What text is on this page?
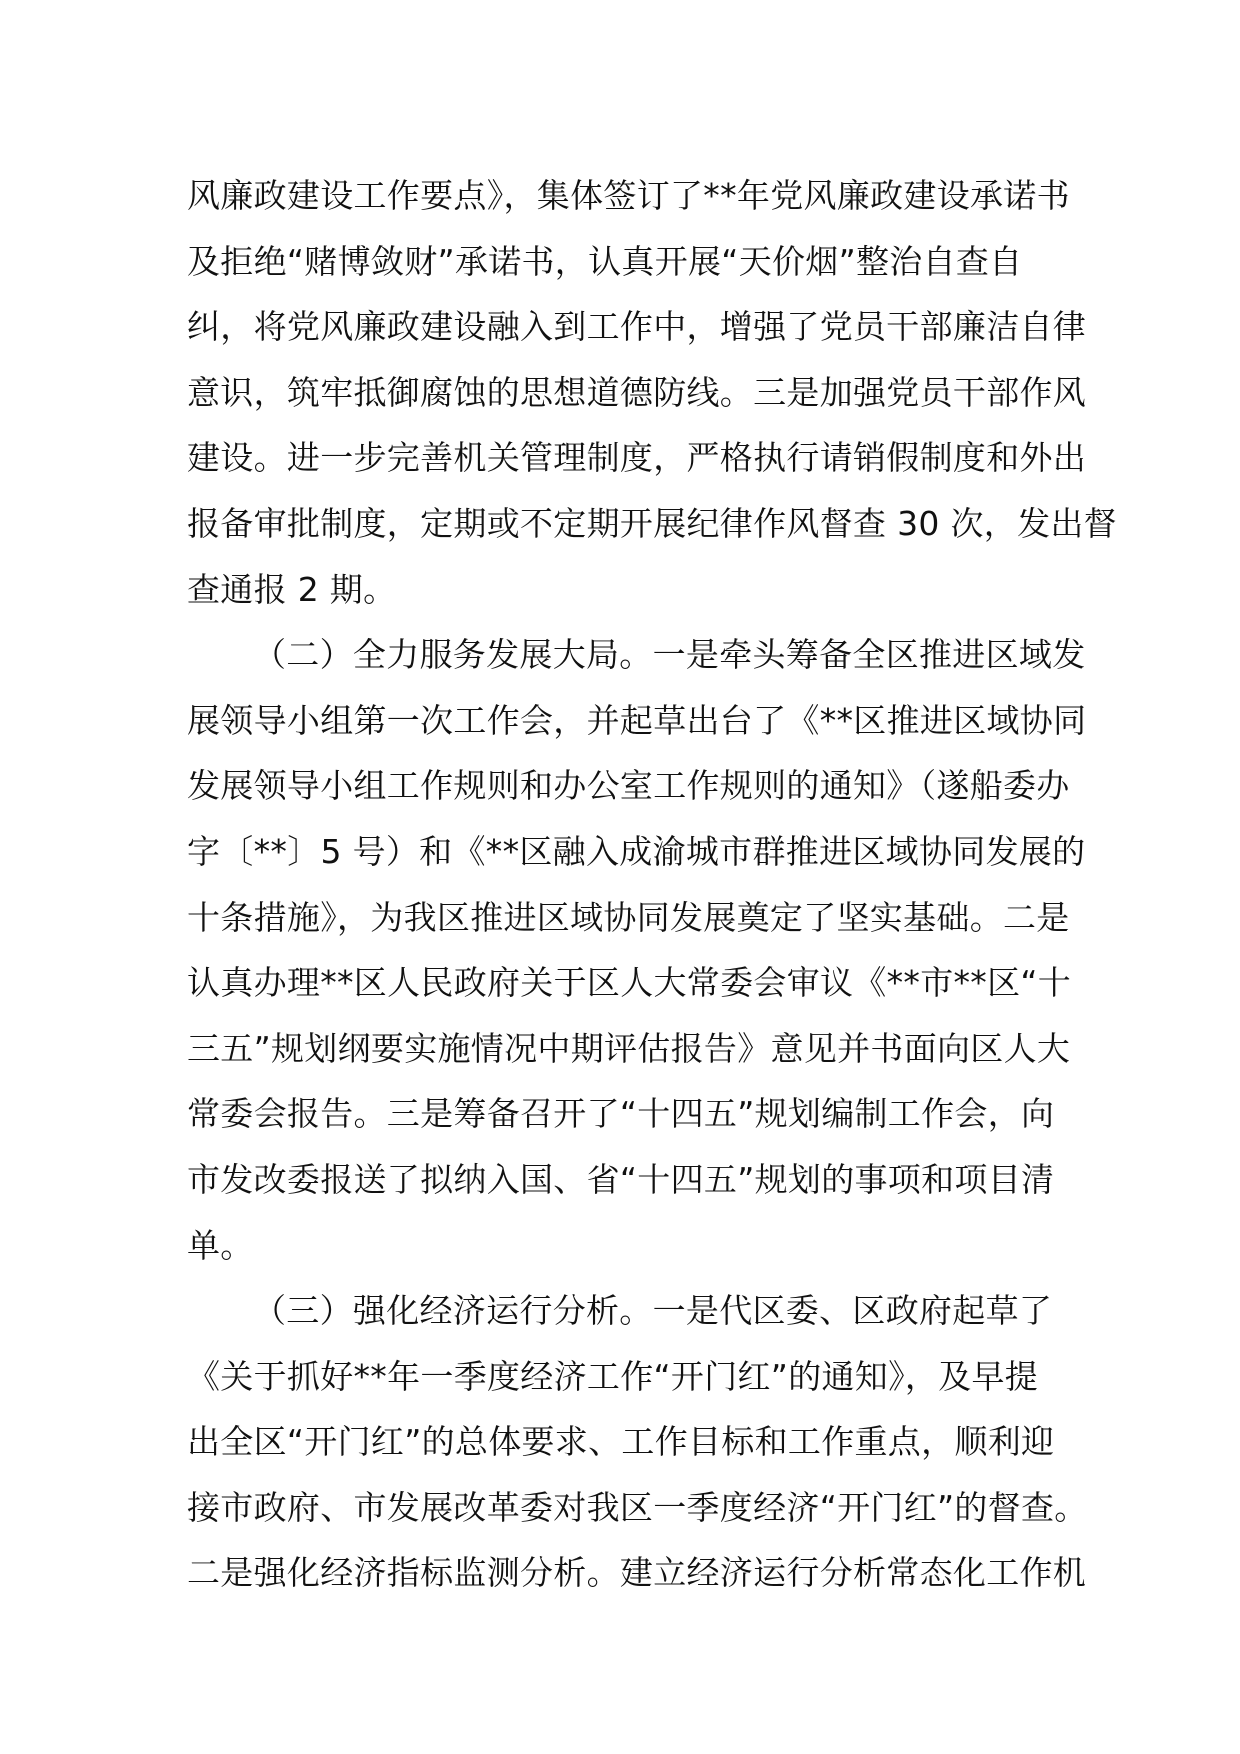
风廉政建设工作要点》，集体签订了**年党风廉政建设承诺书
及拒绝“赌博敛财”承诺书，认真开展“天价烟”整治自查自
纠，将党风廉政建设融入到工作中，增强了党员干部廉洁自律
意识，筑牢抵御腐蚀的思想道德防线。三是加强党员干部作风
建设。进一步完善机关管理制度，严格执行请销假制度和外出
报备审批制度，定期或不定期开展纪律作风督查 30 次，发出督
查通报 2 期。
（二）全力服务发展大局。一是牵头筹备全区推进区域发
展领导小组第一次工作会，并起草出台了《**区推进区域协同
发展领导小组工作规则和办公室工作规则的通知》（遂船委办
字〔**〕5 号）和《**区融入成渝城市群推进区域协同发展的
十条措施》，为我区推进区域协同发展奠定了坚实基础。二是
认真办理**区人民政府关于区人大常委会审议《**市**区“十
三五”规划纲要实施情况中期评估报告》意见并书面向区人大
常委会报告。三是筹备召开了“十四五”规划编制工作会，向
市发改委报送了拟纳入国、省“十四五”规划的事项和项目清
单。
（三）强化经济运行分析。一是代区委、区政府起草了
《关于抓好**年一季度经济工作“开门红”的通知》，及早提
出全区“开门红”的总体要求、工作目标和工作重点，顺利迎
接市政府、市发展改革委对我区一季度经济“开门红”的督查。
二是强化经济指标监测分析。建立经济运行分析常态化工作机
